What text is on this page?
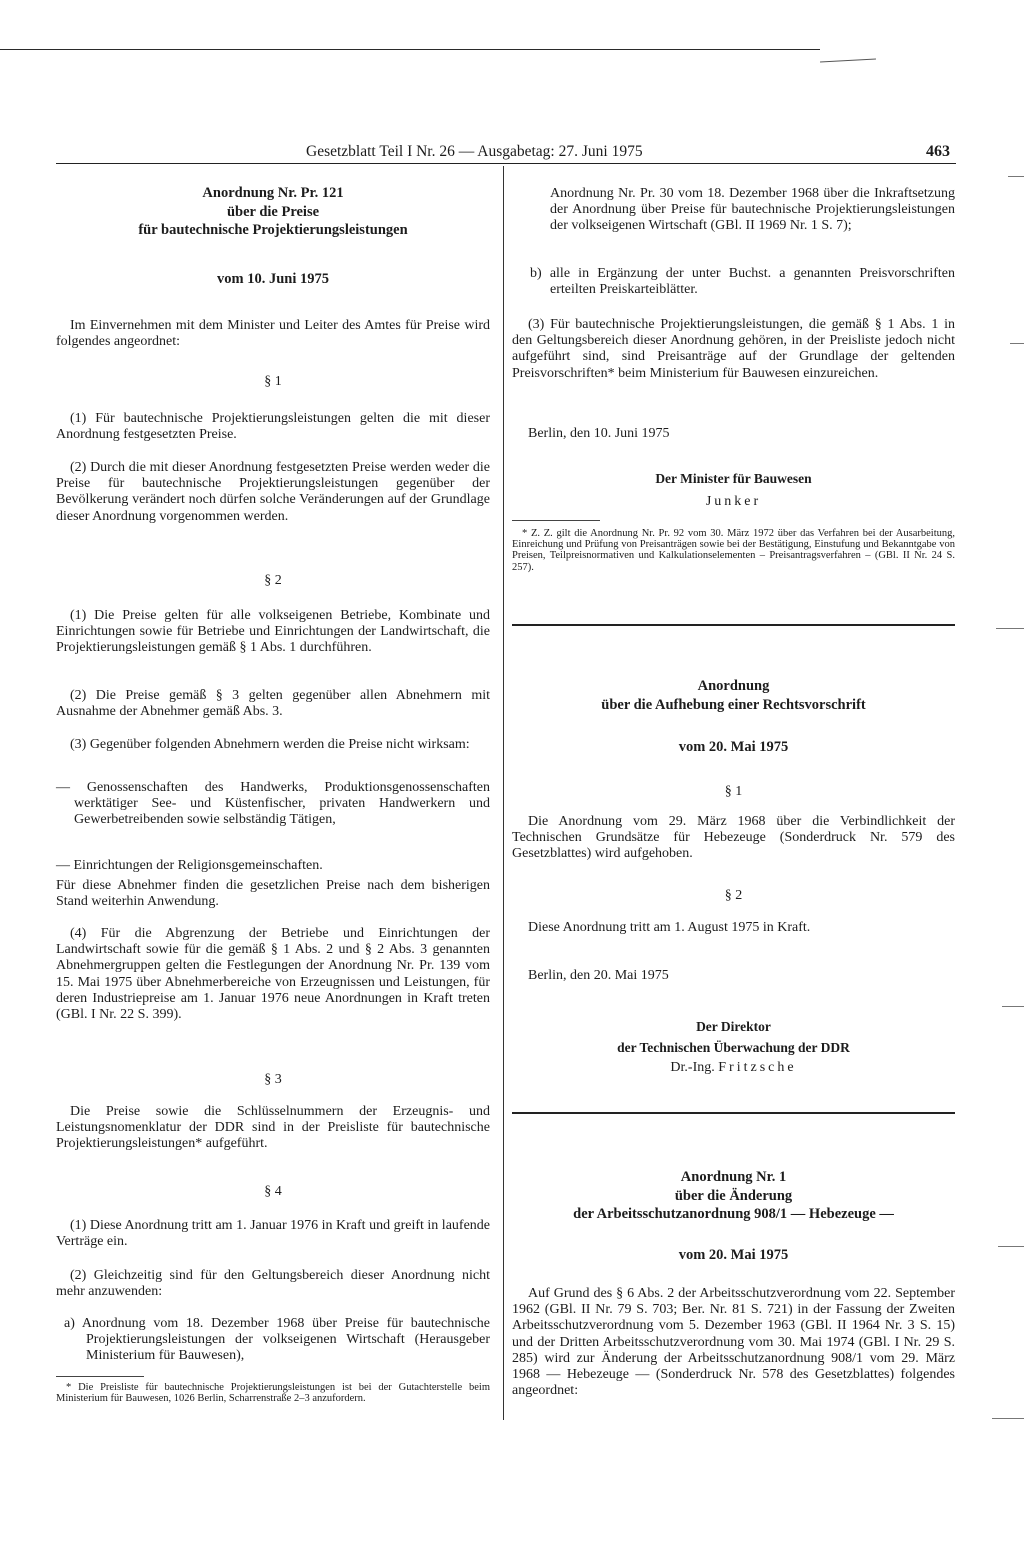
Gesetzblatt Teil I Nr. 26 — Ausgabetag: 27. Juni 1975	463

Anordnung Nr. Pr. 121

über die Preise

für bautechnische Projektierungsleistungen

vom 10. Juni 1975

Im Einvernehmen mit dem Minister und Leiter des Amtes für Preise wird folgendes angeordnet:

§ 1

(1) Für bautechnische Projektierungsleistungen gelten die mit dieser Anordnung festgesetzten Preise.

(2) Durch die mit dieser Anordnung festgesetzten Preise werden weder die Preise für bautechnische Projektierungsleistungen gegenüber der Bevölkerung verändert noch dürfen solche Veränderungen auf der Grundlage dieser Anordnung vorgenommen werden.

§ 2

(1) Die Preise gelten für alle volkseigenen Betriebe, Kombinate und Einrichtungen sowie für Betriebe und Einrichtungen der Landwirtschaft, die Projektierungsleistungen gemäß § 1 Abs. 1 durchführen.

(2) Die Preise gemäß § 3 gelten gegenüber allen Abnehmern mit Ausnahme der Abnehmer gemäß Abs. 3.

(3) Gegenüber folgenden Abnehmern werden die Preise nicht wirksam:

— Genossenschaften des Handwerks, Produktionsgenossenschaften werktätiger See- und Küstenfischer, privaten Handwerkern und Gewerbetreibenden sowie selbständig Tätigen,

— Einrichtungen der Religionsgemeinschaften.

Für diese Abnehmer finden die gesetzlichen Preise nach dem bisherigen Stand weiterhin Anwendung.

(4) Für die Abgrenzung der Betriebe und Einrichtungen der Landwirtschaft sowie für die gemäß § 1 Abs. 2 und § 2 Abs. 3 genannten Abnehmergruppen gelten die Festlegungen der Anordnung Nr. Pr. 139 vom 15. Mai 1975 über Abnehmerbereiche von Erzeugnissen und Leistungen, für deren Industriepreise am 1. Januar 1976 neue Anordnungen in Kraft treten (GBl. I Nr. 22 S. 399).

§ 3

Die Preise sowie die Schlüsselnummern der Erzeugnis- und Leistungsnomenklatur der DDR sind in der Preisliste für bautechnische Projektierungsleistungen* aufgeführt.

§ 4

(1) Diese Anordnung tritt am 1. Januar 1976 in Kraft und greift in laufende Verträge ein.

(2) Gleichzeitig sind für den Geltungsbereich dieser Anordnung nicht mehr anzuwenden:

a) Anordnung vom 18. Dezember 1968 über Preise für bautechnische Projektierungsleistungen der volkseigenen Wirtschaft (Herausgeber Ministerium für Bauwesen),

* Die Preisliste für bautechnische Projektierungsleistungen ist bei der Gutachterstelle beim Ministerium für Bauwesen, 1026 Berlin, Scharrenstraße 2–3 anzufordern.

Anordnung Nr. Pr. 30 vom 18. Dezember 1968 über die Inkraftsetzung der Anordnung über Preise für bautechnische Projektierungsleistungen der volkseigenen Wirtschaft (GBl. II 1969 Nr. 1 S. 7);

b) alle in Ergänzung der unter Buchst. a genannten Preisvorschriften erteilten Preiskarteiblätter.

(3) Für bautechnische Projektierungsleistungen, die gemäß § 1 Abs. 1 in den Geltungsbereich dieser Anordnung gehören, in der Preisliste jedoch nicht aufgeführt sind, sind Preisanträge auf der Grundlage der geltenden Preisvorschriften* beim Ministerium für Bauwesen einzureichen.

Berlin, den 10. Juni 1975

Der Minister für Bauwesen

Junker

* Z. Z. gilt die Anordnung Nr. Pr. 92 vom 30. März 1972 über das Verfahren bei der Ausarbeitung, Einreichung und Prüfung von Preisanträgen sowie bei der Bestätigung, Einstufung und Bekanntgabe von Preisen, Teilpreisnormativen und Kalkulationselementen – Preisantragsverfahren – (GBl. II Nr. 24 S. 257).

Anordnung

über die Aufhebung einer Rechtsvorschrift

vom 20. Mai 1975

§ 1

Die Anordnung vom 29. März 1968 über die Verbindlichkeit der Technischen Grundsätze für Hebezeuge (Sonderdruck Nr. 579 des Gesetzblattes) wird aufgehoben.

§ 2

Diese Anordnung tritt am 1. August 1975 in Kraft.

Berlin, den 20. Mai 1975

Der Direktor

der Technischen Überwachung der DDR

Dr.-Ing. Fritzsche

Anordnung Nr. 1

über die Änderung

der Arbeitsschutzanordnung 908/1 — Hebezeuge —

vom 20. Mai 1975

Auf Grund des § 6 Abs. 2 der Arbeitsschutzverordnung vom 22. September 1962 (GBl. II Nr. 79 S. 703; Ber. Nr. 81 S. 721) in der Fassung der Zweiten Arbeitsschutzverordnung vom 5. Dezember 1963 (GBl. II 1964 Nr. 3 S. 15) und der Dritten Arbeitsschutzverordnung vom 30. Mai 1974 (GBl. I Nr. 29 S. 285) wird zur Änderung der Arbeitsschutzanordnung 908/1 vom 29. März 1968 — Hebezeuge — (Sonderdruck Nr. 578 des Gesetzblattes) folgendes angeordnet:
